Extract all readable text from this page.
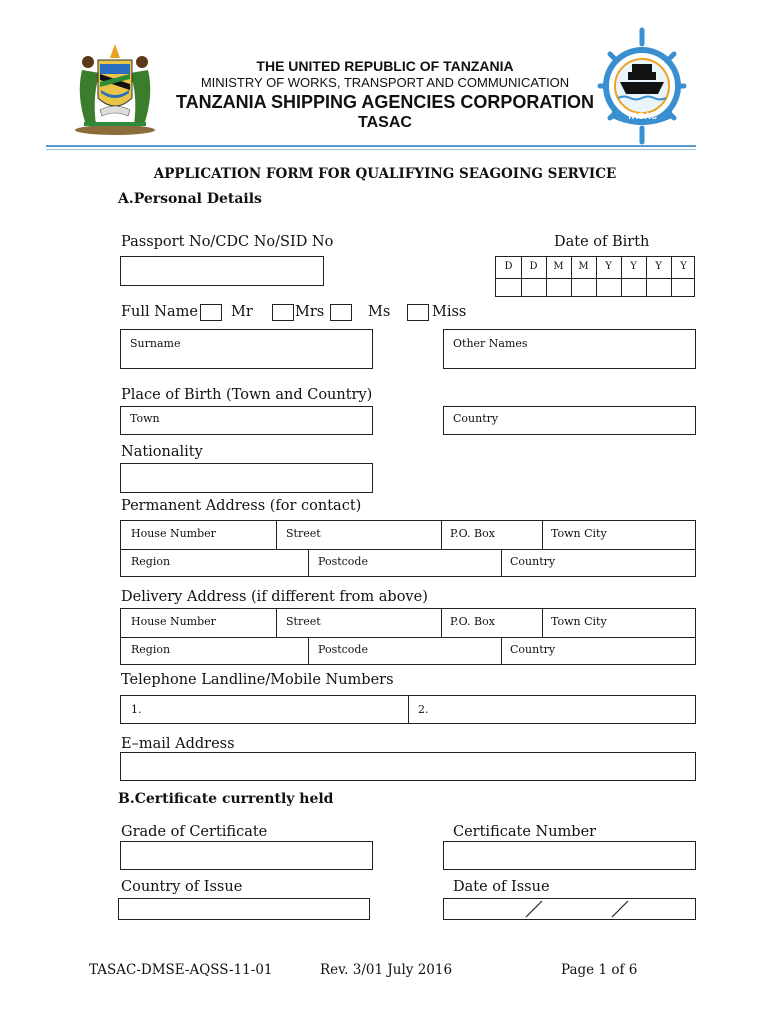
TASAC
THE UNITED REPUBLIC OF TANZANIA
MINISTRY OF WORKS, TRANSPORT AND COMMUNICATION
TANZANIA SHIPPING AGENCIES CORPORATION
TASAC
APPLICATION FORM FOR QUALIFYING SEAGOING SERVICE
A.Personal Details
Passport No/CDC No/SID No	Date of Birth
D	D	M	M	Y	Y	Y	Y
Full Name Mr	Mrs	Ms	Miss
Surname	Other Names
Place of Birth (Town and Country)
Town	Country
Nationality
Permanent Address (for contact)
House Number	Street	P.O. Box	Town City
Region	Postcode	Country
Delivery Address (if different from above)
House Number	Street	P.O. Box	Town City
Region	Postcode	Country
Telephone Landline/Mobile Numbers
1.	2.
E–mail Address
B.Certificate currently held
Grade of Certificate	Certificate Number
Country of Issue	Date of Issue
TASAC-DMSE-AQSS-11-01	Rev. 3/01 July 2016	Page 1 of 6
